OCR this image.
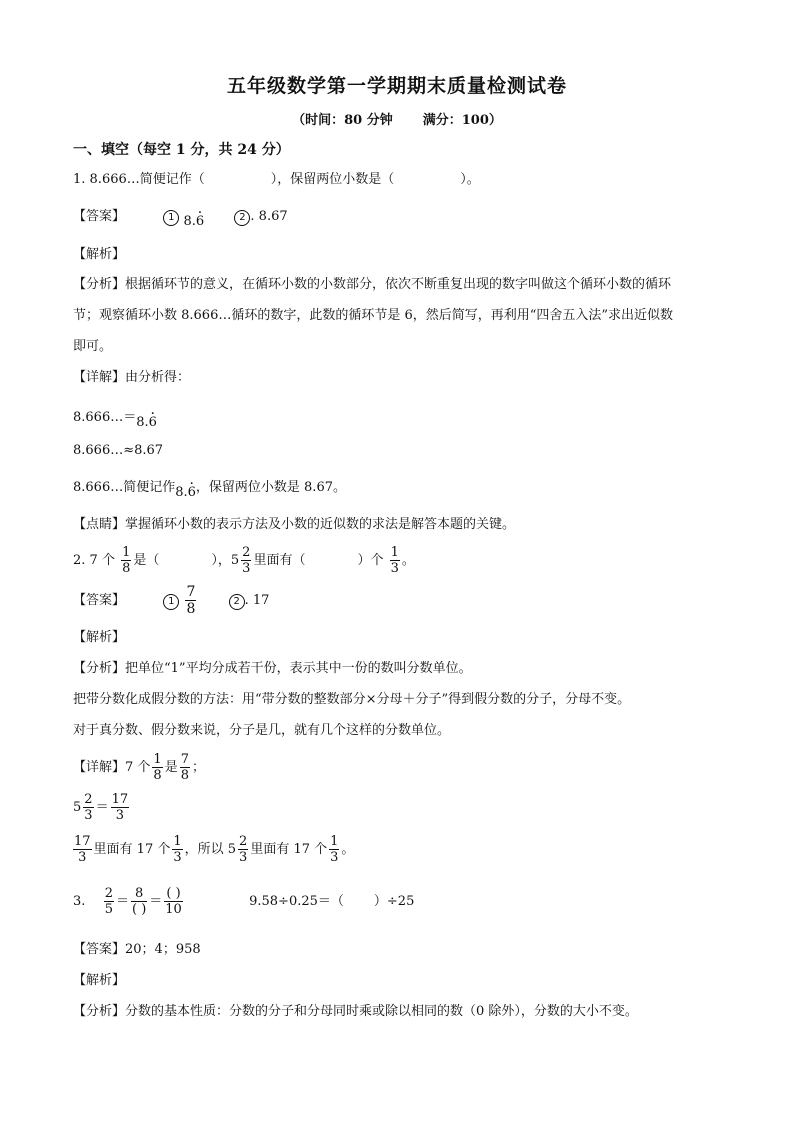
五年级数学第一学期期末质量检测试卷
（时间：80 分钟 满分：100）
一、填空（每空 1 分，共 24 分）
1. 8.666…简便记作（	），保留两位小数是（	）。
【答案】	1 8.6 ·	2 . 8.67
【解析】
【分析】根据循环节的意义，在循环小数的小数部分，依次不断重复出现的数字叫做这个循环小数的循环
节；观察循环小数 8.666…循环的数字，此数的循环节是 6，然后简写，再利用“四舍五入法”求出近似数
即可。
【详解】由分析得：
8.666…＝8.6 ·
8.666…≈8.67
8.666…简便记作8.6 ·，保留两位小数是 8.67。
【点睛】掌握循环小数的表示方法及小数的近似数的求法是解答本题的关键。
2. 7 个 $\frac{1}{8}$ 是（	），$5 \frac{2}{3}$ 里面有（	）个 $\frac{1}{3}$ 。
【答案】	$1 \frac{7}{8}$	2 . 17
【解析】
【分析】把单位“1”平均分成若干份，表示其中一份的数叫分数单位。
把带分数化成假分数的方法：用“带分数的整数部分×分母＋分子”得到假分数的分子，分母不变。
对于真分数、假分数来说，分子是几，就有几个这样的分数单位。
【详解】7 个 $\frac{1}{8}$ 是 $\frac{7}{8}$ ；
$5 \frac{2}{3} = \frac{17}{3}$
$\frac{17}{3}$ 里面有 17 个 $\frac{1}{3}$ ，所以 $5 \frac{2}{3}$ 里面有 17 个 $\frac{1}{3}$ 。
3. $\frac{2}{5} = \frac{8}{( )} = \frac{( )}{10}$	9.58÷0.25＝（ ）÷25
【答案】20；4；958
【解析】
【分析】分数的基本性质：分数的分子和分母同时乘或除以相同的数（0 除外），分数的大小不变。
